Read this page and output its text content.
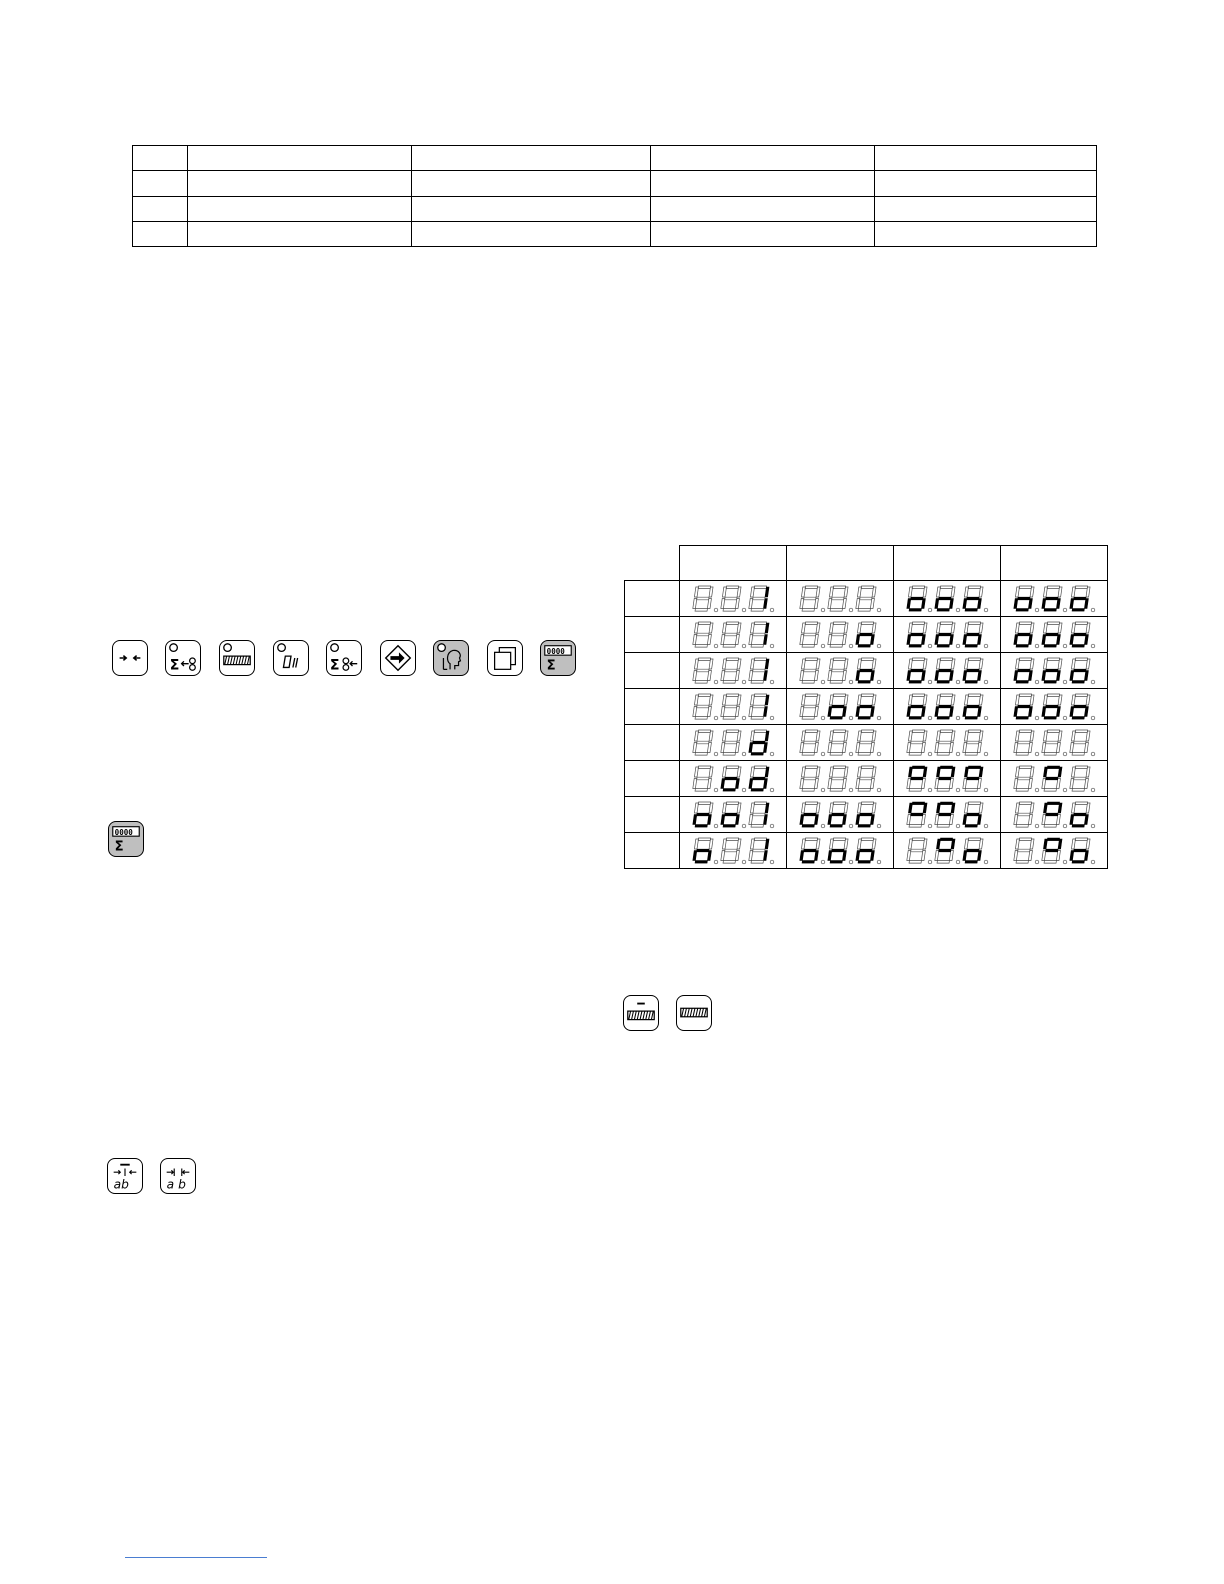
Σ	Σ
0000
Σ
0000
Σ
ab	a b
